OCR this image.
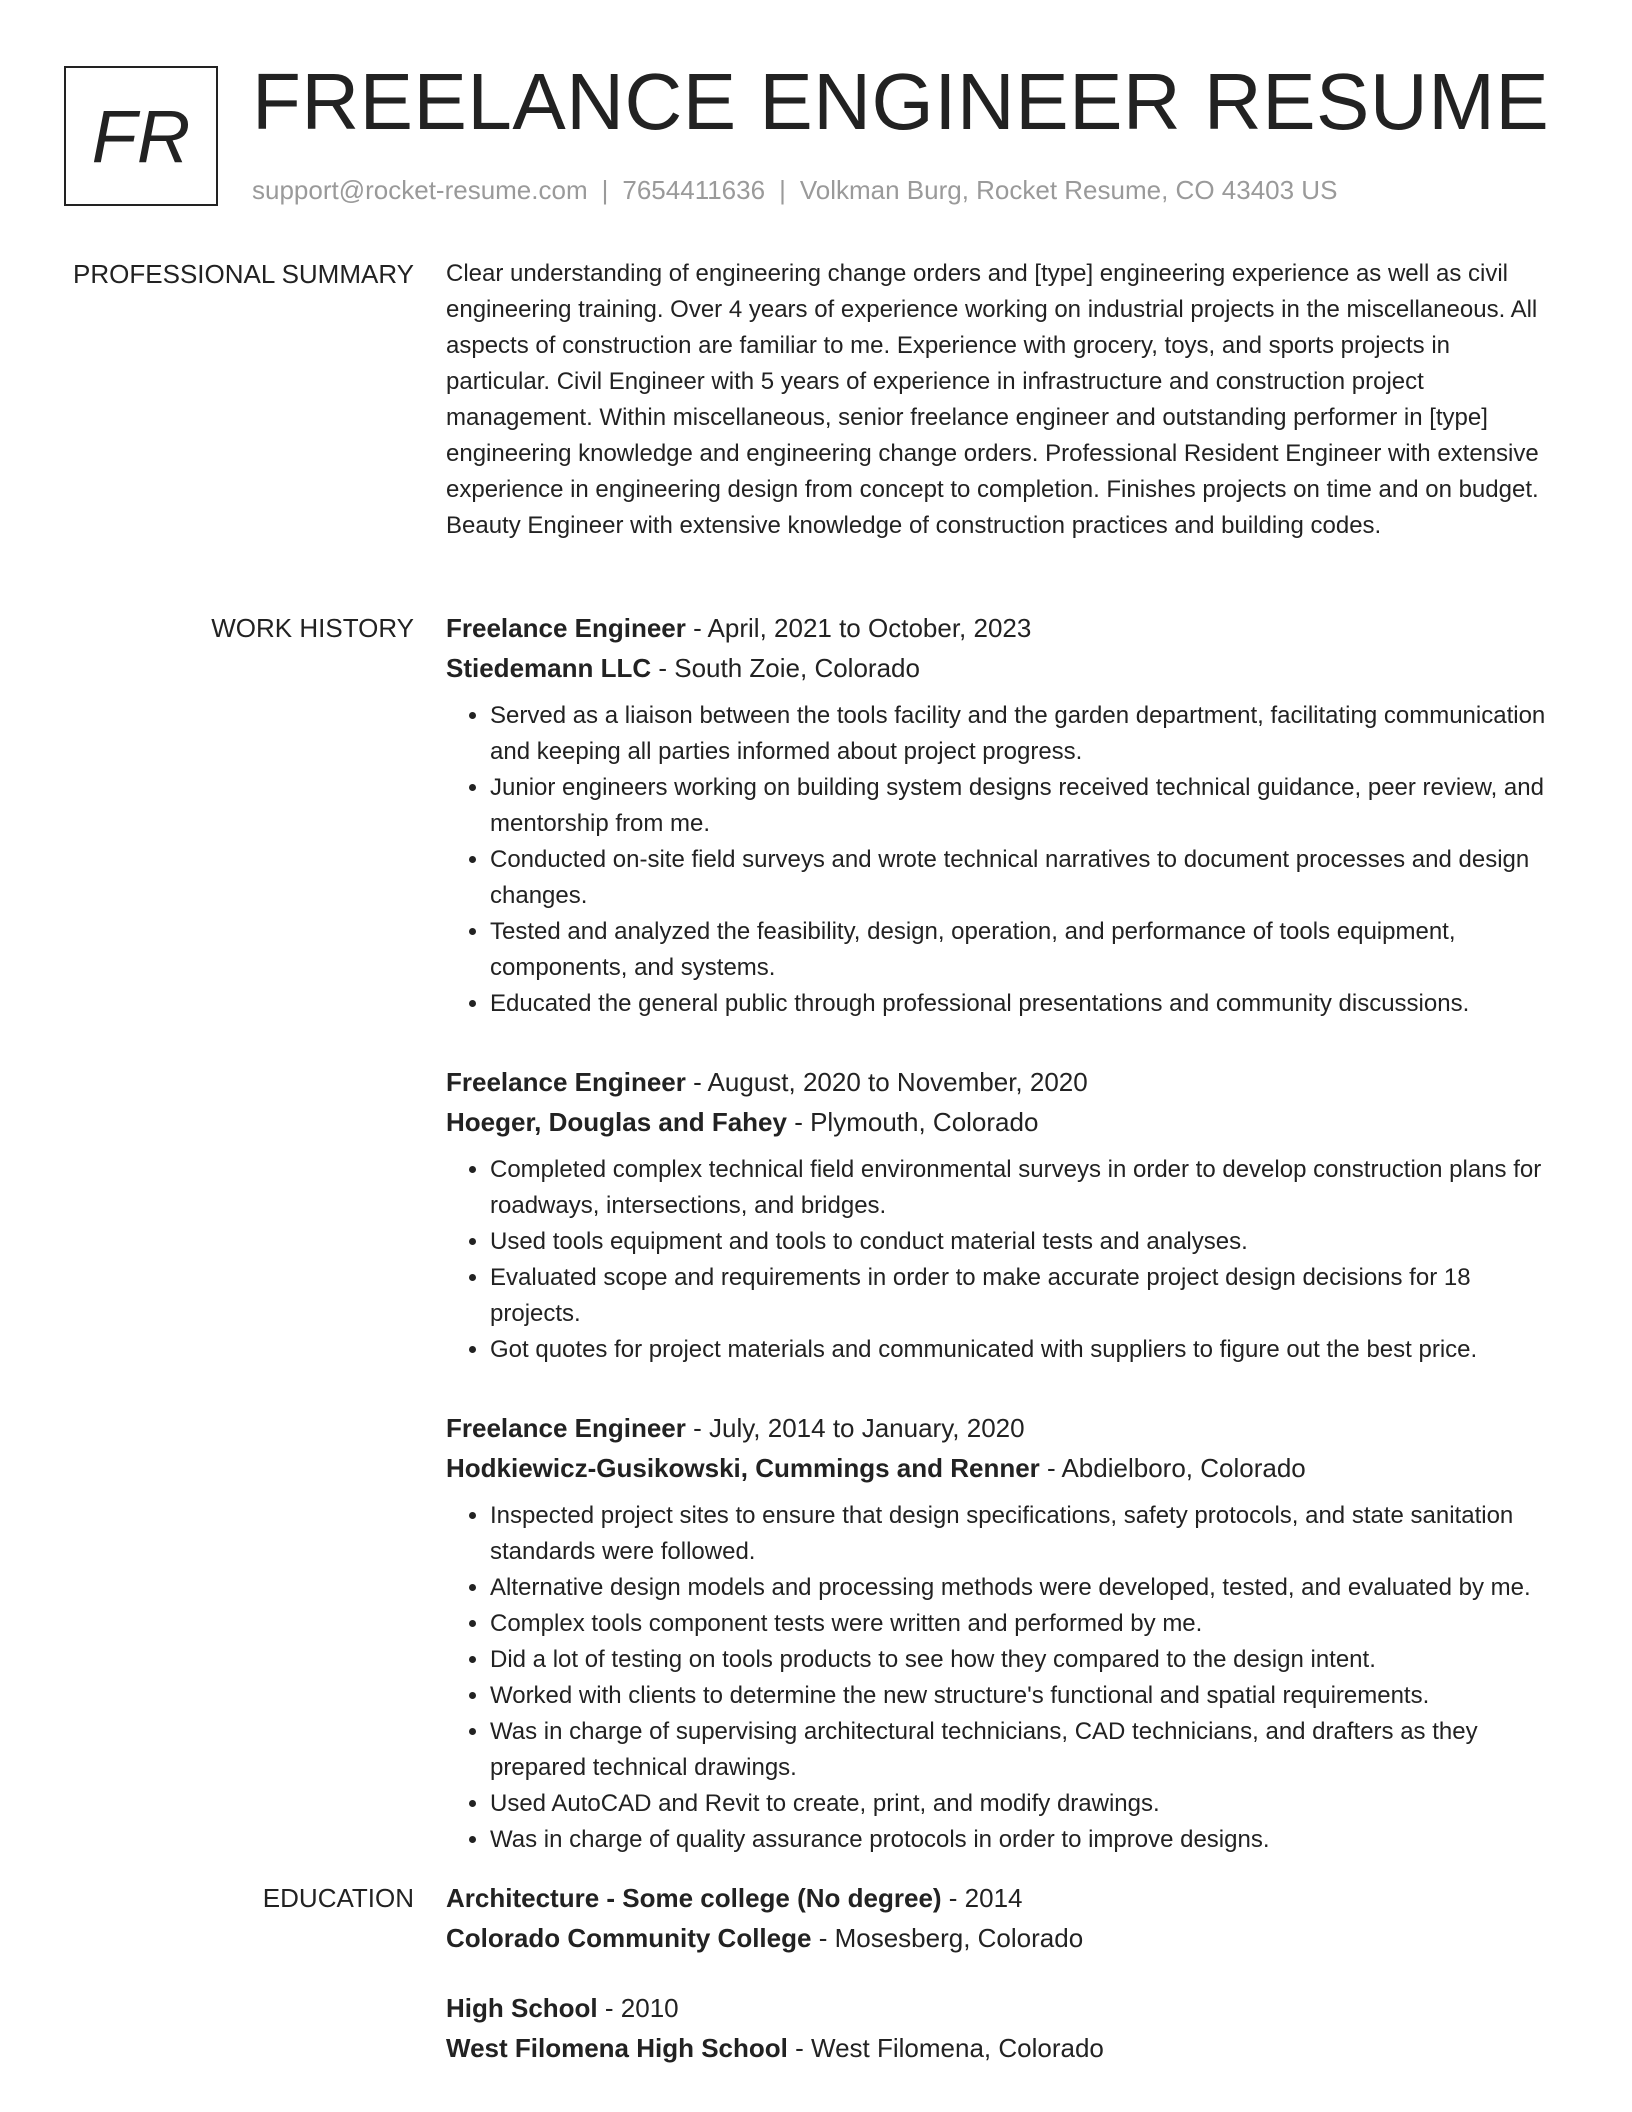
FR FREELANCE ENGINEER RESUME
support@rocket-resume.com | 7654411636 | Volkman Burg, Rocket Resume, CO 43403 US
PROFESSIONAL SUMMARY Clear understanding of engineering change orders and [type] engineering experience as well as civil engineering training. Over 4 years of experience working on industrial projects in the miscellaneous. All aspects of construction are familiar to me. Experience with grocery, toys, and sports projects in particular. Civil Engineer with 5 years of experience in infrastructure and construction project management. Within miscellaneous, senior freelance engineer and outstanding performer in [type] engineering knowledge and engineering change orders. Professional Resident Engineer with extensive experience in engineering design from concept to completion. Finishes projects on time and on budget. Beauty Engineer with extensive knowledge of construction practices and building codes.

WORK HISTORY Freelance Engineer - April, 2021 to October, 2023
Stiedemann LLC - South Zoie, Colorado
• Served as a liaison between the tools facility and the garden department, facilitating communication and keeping all parties informed about project progress.
• Junior engineers working on building system designs received technical guidance, peer review, and mentorship from me.
• Conducted on-site field surveys and wrote technical narratives to document processes and design changes.
• Tested and analyzed the feasibility, design, operation, and performance of tools equipment, components, and systems.
• Educated the general public through professional presentations and community discussions.
Freelance Engineer - August, 2020 to November, 2020
Hoeger, Douglas and Fahey - Plymouth, Colorado
• Completed complex technical field environmental surveys in order to develop construction plans for roadways, intersections, and bridges.
• Used tools equipment and tools to conduct material tests and analyses.
• Evaluated scope and requirements in order to make accurate project design decisions for 18 projects.
• Got quotes for project materials and communicated with suppliers to figure out the best price.
Freelance Engineer - July, 2014 to January, 2020
Hodkiewicz-Gusikowski, Cummings and Renner - Abdielboro, Colorado
• Inspected project sites to ensure that design specifications, safety protocols, and state sanitation standards were followed.
• Alternative design models and processing methods were developed, tested, and evaluated by me.
• Complex tools component tests were written and performed by me.
• Did a lot of testing on tools products to see how they compared to the design intent.
• Worked with clients to determine the new structure's functional and spatial requirements.
• Was in charge of supervising architectural technicians, CAD technicians, and drafters as they prepared technical drawings.
• Used AutoCAD and Revit to create, print, and modify drawings.
• Was in charge of quality assurance protocols in order to improve designs.
EDUCATION Architecture - Some college (No degree) - 2014
Colorado Community College - Mosesberg, Colorado
High School - 2010
West Filomena High School - West Filomena, Colorado
